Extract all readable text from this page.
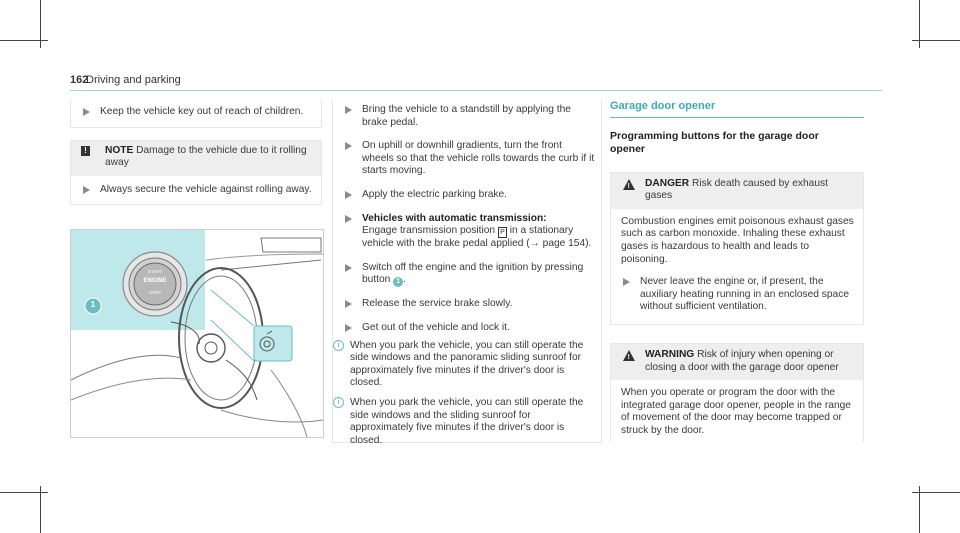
162
Driving and parking
Keep the vehicle key out of reach of children.
!	NOTE Damage to the vehicle due to it rolling away
Always secure the vehicle against rolling away.
1
START
ENGINE
STOP
Bring the vehicle to a standstill by applying the brake pedal.
On uphill or downhill gradients, turn the front wheels so that the vehicle rolls towards the curb if it starts moving.
Apply the electric parking brake.
Vehicles with automatic transmission:
Engage transmission position P in a stationary vehicle with the brake pedal applied (→ page 154).
Switch off the engine and the ignition by pressing button 1 .
Release the service brake slowly.
Get out of the vehicle and lock it.
i	When you park the vehicle, you can still operate the side windows and the panoramic sliding sunroof for approximately five minutes if the driver's door is closed.
i	When you park the vehicle, you can still operate the side windows and the sliding sunroof for approximately five minutes if the driver's door is closed.
Garage door opener
Programming buttons for the garage door opener
! DANGER Risk death caused by exhaust gases
Combustion engines emit poisonous exhaust gases such as carbon monoxide. Inhaling these exhaust gases is hazardous to health and leads to poisoning.
Never leave the engine or, if present, the auxiliary heating running in an enclosed space without sufficient ventilation.
! WARNING Risk of injury when opening or closing a door with the garage door opener
When you operate or program the door with the integrated garage door opener, people in the range of movement of the door may become trapped or struck by the door.
